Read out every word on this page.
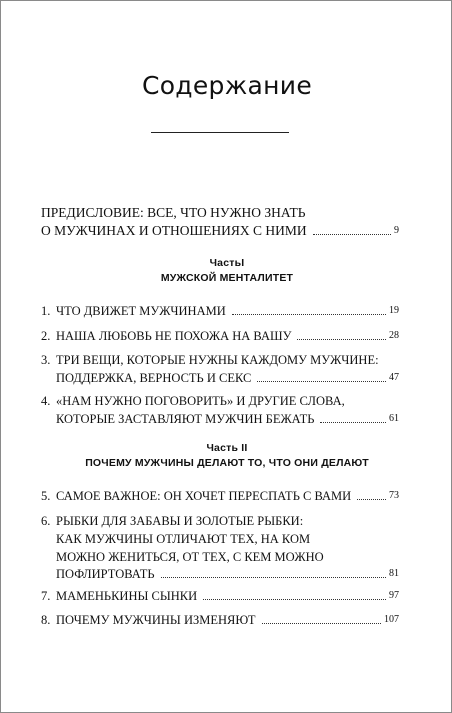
Содержание
ПРЕДИСЛОВИЕ: ВСЕ, ЧТО НУЖНО ЗНАТЬ
О МУЖЧИНАХ И ОТНОШЕНИЯХ С НИМИ	9
ЧастьI
МУЖСКОЙ МЕНТАЛИТЕТ
1. ЧТО ДВИЖЕТ МУЖЧИНАМИ	19
2. НАША ЛЮБОВЬ НЕ ПОХОЖА НА ВАШУ	28
3. ТРИ ВЕЩИ, КОТОРЫЕ НУЖНЫ КАЖДОМУ МУЖЧИНЕ:
ПОДДЕРЖКА, ВЕРНОСТЬ И СЕКС	47
4. «НАМ НУЖНО ПОГОВОРИТЬ» И ДРУГИЕ СЛОВА,
КОТОРЫЕ ЗАСТАВЛЯЮТ МУЖЧИН БЕЖАТЬ	61
Часть II
ПОЧЕМУ МУЖЧИНЫ ДЕЛАЮТ ТО, ЧТО ОНИ ДЕЛАЮТ
5. САМОЕ ВАЖНОЕ: ОН ХОЧЕТ ПЕРЕСПАТЬ С ВАМИ	73
6. РЫБКИ ДЛЯ ЗАБАВЫ И ЗОЛОТЫЕ РЫБКИ:
КАК МУЖЧИНЫ ОТЛИЧАЮТ ТЕХ, НА КОМ
МОЖНО ЖЕНИТЬСЯ, ОТ ТЕХ, С КЕМ МОЖНО
ПОФЛИРТОВАТЬ	81
7. МАМЕНЬКИНЫ СЫНКИ	97
8. ПОЧЕМУ МУЖЧИНЫ ИЗМЕНЯЮТ	107
